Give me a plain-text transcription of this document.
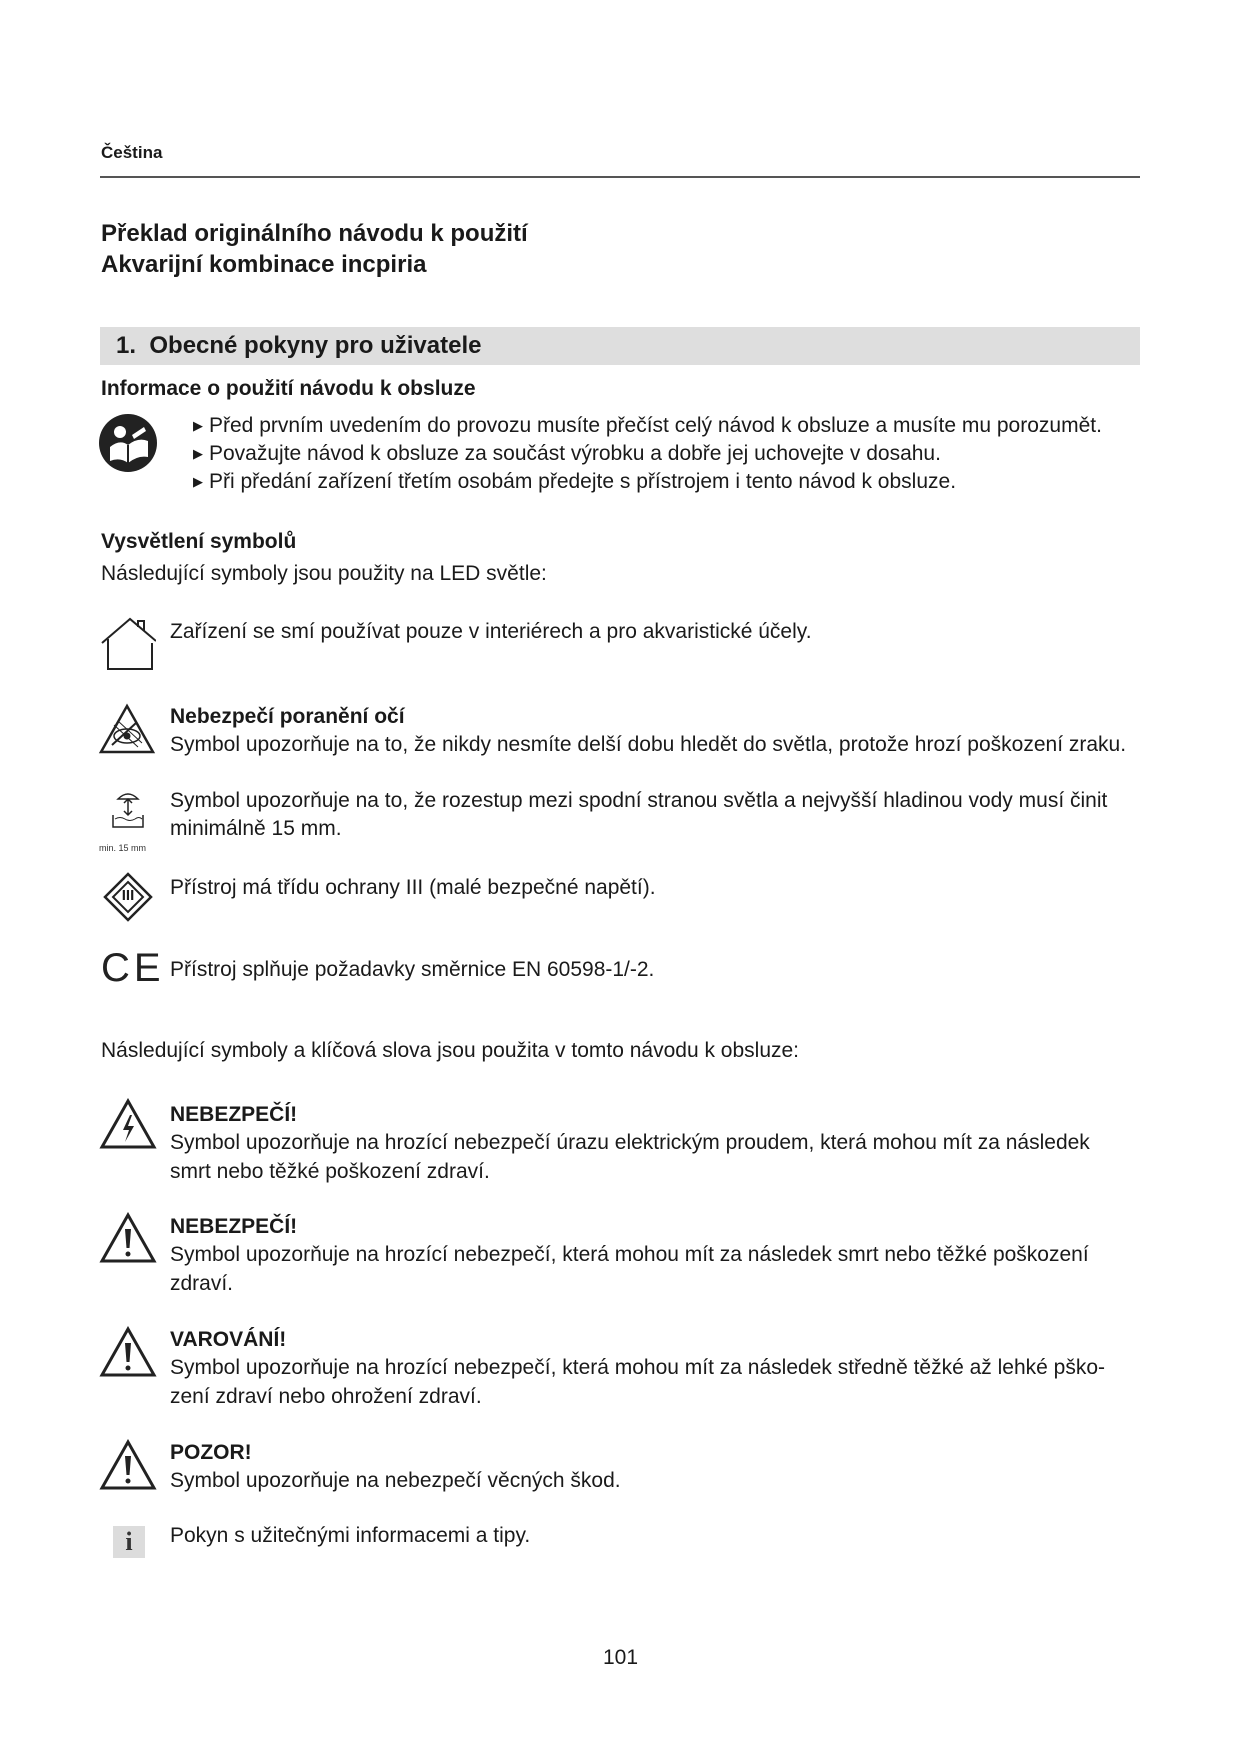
Čeština
Překlad originálního návodu k použití
Akvarijní kombinace incpiria
1. Obecné pokyny pro uživatele
Informace o použití návodu k obsluze
▶ Před prvním uvedením do provozu musíte přečíst celý návod k obsluze a musíte mu porozumět.
▶ Považujte návod k obsluze za součást výrobku a dobře jej uchovejte v dosahu.
▶ Při předání zařízení třetím osobám předejte s přístrojem i tento návod k obsluze.
Vysvětlení symbolů
Následující symboly jsou použity na LED světle:
Zařízení se smí používat pouze v interiérech a pro akvaristické účely.
Nebezpečí poranění očí
Symbol upozorňuje na to, že nikdy nesmíte delší dobu hledět do světla, protože hrozí poškození zraku.
min. 15 mm
Symbol upozorňuje na to, že rozestup mezi spodní stranou světla a nejvyšší hladinou vody musí činit
minimálně 15 mm.
III	Přístroj má třídu ochrany III (malé bezpečné napětí).
CE Přístroj splňuje požadavky směrnice EN 60598-1/-2.
Následující symboly a klíčová slova jsou použita v tomto návodu k obsluze:
NEBEZPEČÍ!
Symbol upozorňuje na hrozící nebezpečí úrazu elektrickým proudem, která mohou mít za následek
smrt nebo těžké poškození zdraví.
NEBEZPEČÍ!
Symbol upozorňuje na hrozící nebezpečí, která mohou mít za následek smrt nebo těžké poškození
zdraví.
VAROVÁNÍ!
Symbol upozorňuje na hrozící nebezpečí, která mohou mít za následek středně těžké až lehké pško-
zení zdraví nebo ohrožení zdraví.
POZOR!
Symbol upozorňuje na nebezpečí věcných škod.
i	Pokyn s užitečnými informacemi a tipy.
101
